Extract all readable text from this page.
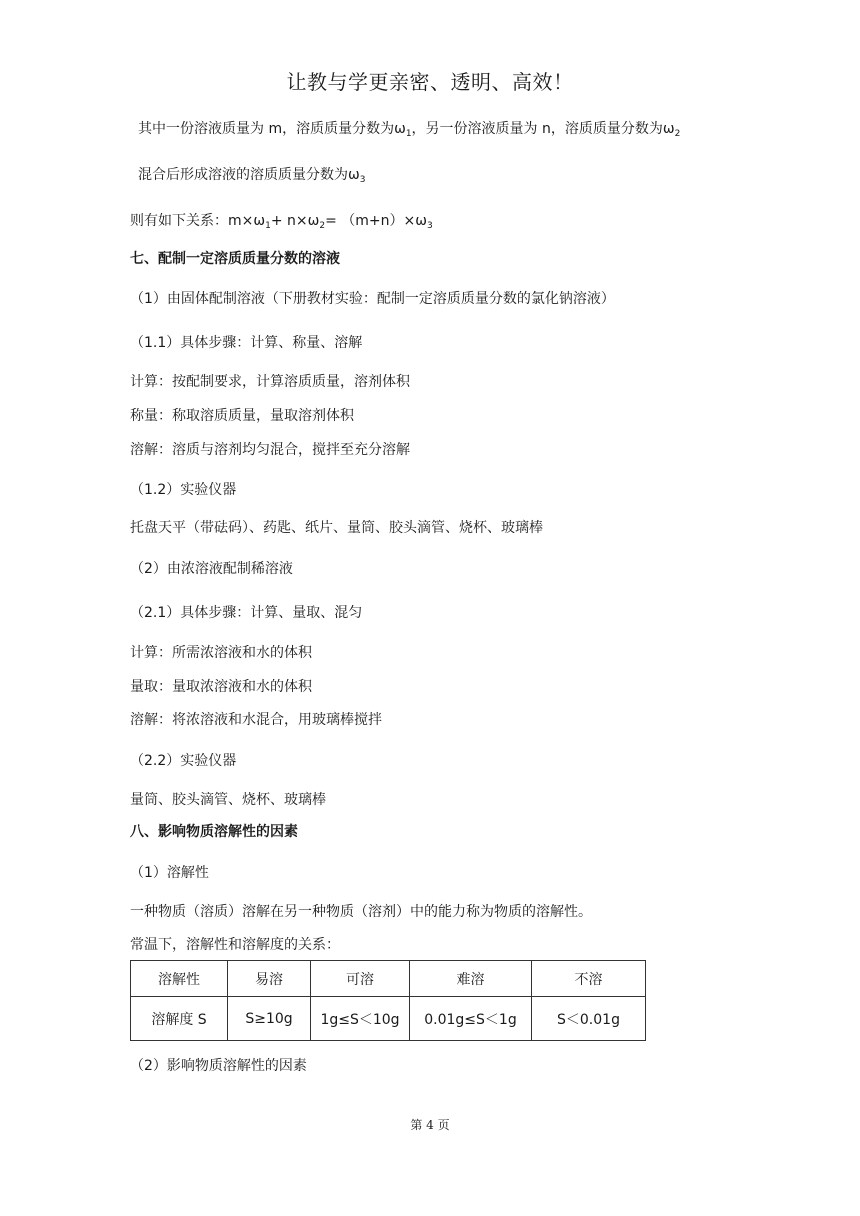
让教与学更亲密、透明、高效！
其中一份溶液质量为 m，溶质质量分数为$\omega_1$，另一份溶液质量为 n，溶质质量分数为$\omega_2$
混合后形成溶液的溶质质量分数为$\omega_3$
则有如下关系：$m\times\omega_1+ n\times\omega_2= (m+n)\times\omega_3$
七、配制一定溶质质量分数的溶液
（1）由固体配制溶液（下册教材实验：配制一定溶质质量分数的氯化钠溶液）
（1.1）具体步骤：计算、称量、溶解
计算：按配制要求，计算溶质质量，溶剂体积
称量：称取溶质质量，量取溶剂体积
溶解：溶质与溶剂均匀混合，搅拌至充分溶解
（1.2）实验仪器
托盘天平（带砝码）、药匙、纸片、量筒、胶头滴管、烧杯、玻璃棒
（2）由浓溶液配制稀溶液
（2.1）具体步骤：计算、量取、混匀
计算：所需浓溶液和水的体积
量取：量取浓溶液和水的体积
溶解：将浓溶液和水混合，用玻璃棒搅拌
（2.2）实验仪器
量筒、胶头滴管、烧杯、玻璃棒
八、影响物质溶解性的因素
（1）溶解性
一种物质（溶质）溶解在另一种物质（溶剂）中的能力称为物质的溶解性。
常温下，溶解性和溶解度的关系：
溶解性	易溶	可溶	难溶	不溶
溶解度 S	S≥10g	1g≤S＜10g	0.01g≤S＜1g	S＜0.01g
（2）影响物质溶解性的因素
第 4 页
